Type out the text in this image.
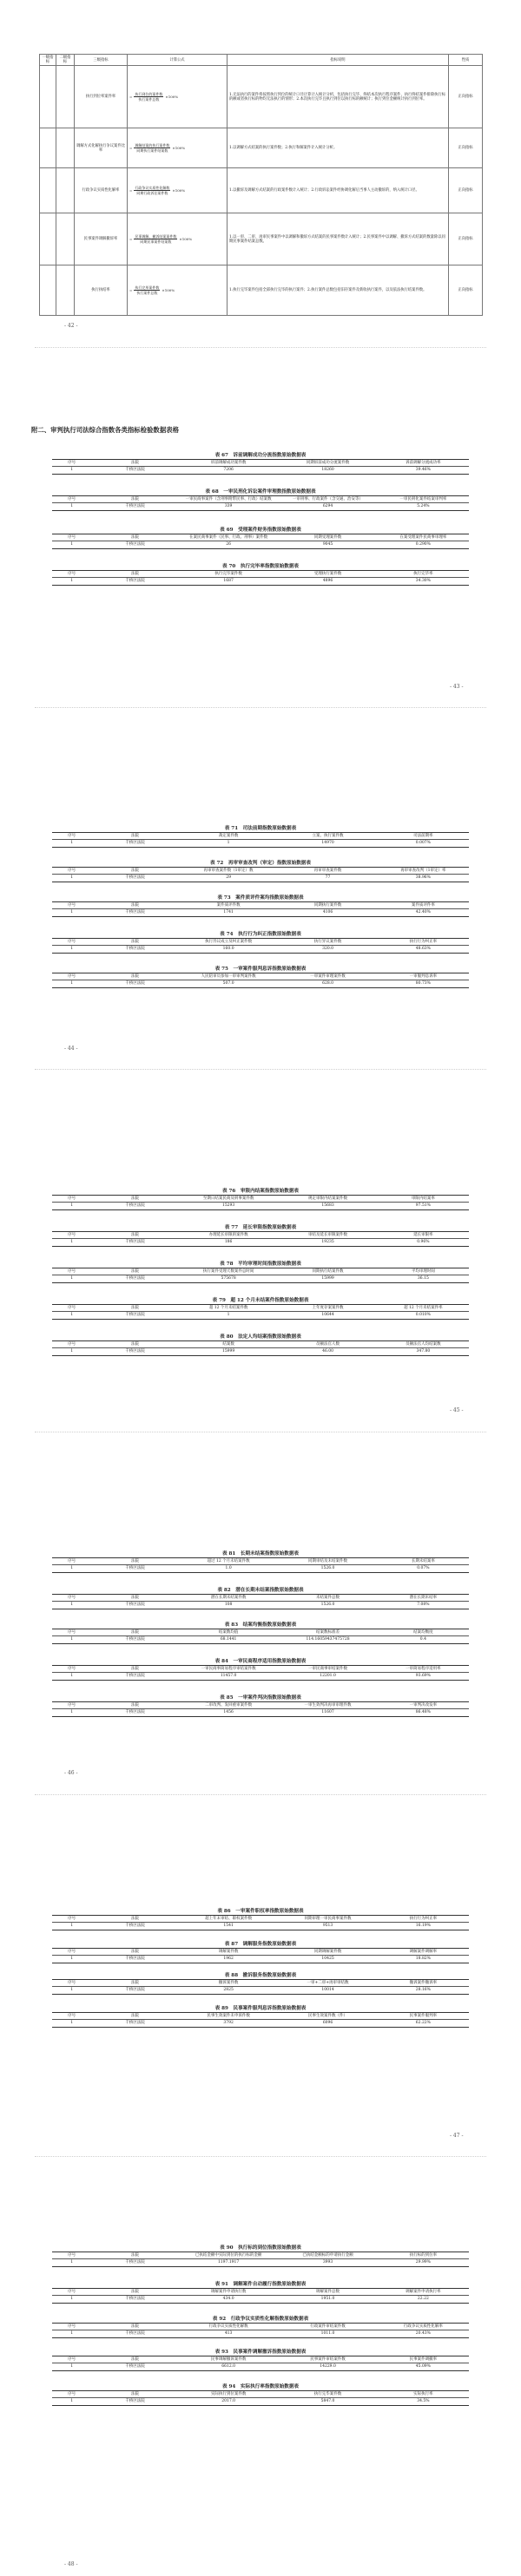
一级指标	二级指标	三级指标	计算公式	指标说明	性质
		执行到位率案件率	= $\frac{\text{执行到位的案件数}}{\text{执行案件总数}} \times 100\%$	1.无法执行的案件将按照执行到位的统计口径计算计入统计分析，包括执行完毕、终结本次执行程序案件，执行终结案件排除执行标的额或者执行标的物均无法执行的情形；2.本次执行完毕且执行到位以执行标的额统计；执行到位金额统计执行到位率。	正向指标
		调解方式化解执行争议案件比率	= $\frac{\text{调解结案的执行案件数}}{\text{同期执行案件结案数}} \times 100\%$	1.以调解方式结案的执行案件数；2.执行和解案件计入统计分析。	正向指标
		行政争议实质性化解率	= $\frac{\text{行政争议实质性化解数}}{\text{同期行政诉讼案件数}} \times 100\%$	1.以撤诉及调解方式结案的行政案件数计入统计；2.行政诉讼案件经协调化解后当事人主动撤诉的，纳入统计口径。	正向指标
		民事案件调解撤诉率	= $\frac{\text{民事调解、撤诉结案案件数}}{\text{同期民事案件结案数}} \times 100\%$	1.以一审、二审、再审民事案件中以调解和撤诉方式结案的民事案件数计入统计；2.民事案件中以调解、撤诉方式结案的数量除以同期民事案件结案总数。	正向指标
		执行执结率	= $\frac{\text{执行完毕案件数}}{\text{执行案件总数}} \times 100\%$	1.执行完毕案件包括全部执行完毕的执行案件；2.执行案件总数包括旧存案件及新收执行案件，以及依法执行结案件数。	正向指标
- 42 -
附二、审判执行司法综合指数各类指标检验数据表格
表 67　诉前调解成功分流指数原始数据表
序号	法院	诉前调解成功案件数	同期诉前成功分流案件数	诉前调解分流成功率
1	千桥区法院	7206	18260	39.46%
表 68　一审民刑化诉讼案件审理数指数原始数据表
序号	法院	一审民商事案件（含刑事附带民事、行政）结案数	一审刑事、行政案件（含交通、治安等）	一审民刑化案件结案审判率
1	千桥区法院	339	6294	5.24%
表 69　受理案件财务指数原始数据表
序号	法院	在案民商事案件（民事、行政、刑事）案件数	同期受理案件数	在案受理案件民商事审理率
1	千桥区法院	26	9045	0.290%
表 70　执行完毕率指数原始数据表
序号	法院	执行完毕案件数	受理执行案件数	执行完毕率
1	千桥区法院	1687	4896	34.30%
表 71　司法前期指数原始数据表
序号	法院	裁定案件数	立案、执行案件数	司法前期率
1	千桥区法院	1	14970	0.007%
表 72　再审审查改判（审定）指数原始数据表
序号	法院	再审审查案件数（1审定）数	再审审查案件数	再审审查改判（1审定）率
1	千桥区法院	29	77	38.96%
表 73　案件质评件案均指数原始数据表
序号	法院	案件质评件数	同期执行案件数	案件质评件率
1	千桥区法院	1741	4106	42.40%
表 74　执行行为纠正指数原始数据表
序号	法院	执行异议成立及纠正案件数	执行异议案件数	执行行为纠正率
1	千桥区法院	160.0	320.0	48.63%
表 75　一审案件服判息诉指数原始数据表
序号	法院	人民陪审员参加一审审判案件数	一审案件审理案件数	一审服判息诉率
1	千桥区法院	507.0	628.0	80.73%
表 76　审限内结案指数原始数据表
序号	法院	至期日结案民商及刑事案件数	规定审限内结案案件数	审限内结案率
1	千桥区法院	15293	15683	97.51%
表 77　延长审限指数原始数据表
序号	法院	办理延长审限的案件数	审结及延长审限案件数	延长审限率
1	千桥区法院	186	19235	0.96%
表 78　平均审理时间指数原始数据表
序号	法院	执行案件受理天数案件总时间	同期执行结案件数	平均审理时间
1	千桥区法院	575678	15999	36.15
表 79　超 12 个月未结案件指数原始数据表
序号	法院	超 12 个月未结案件数	上年度存案案件数	超 12 个月未结案件率
1	千桥区法院	1	10644	0.010%
表 80　法定人均结案指数原始数据表
序号	法院	结案数	员额法官人数	员额法官人均结案数
1	千桥区法院	15999	46.00	347.80
表 81　长期未结案指数原始数据表
序号	法院	超过 12 个月未结案件数	同期审结及未结案件数	长期未结案率
1	千桥区法院	1.0	1526.0	0.07%
表 82　潜在长期未结案指数原始数据表
序号	法院	潜在长期未结案件数	未结案件总数	潜在长期未结率
1	千桥区法院	108	1526.0	7.08%
表 83　结案均衡指数原始数据表
序号	法院	结案数均值	结案数标准差	结案均衡度
1	千桥区法院	68.1441	114.16059437475728	0.4
表 84　一审民商程序适用指数原始数据表
序号	法院	一审民商事简易程序审结案件数	一审民商事审结案件数	一审简易程序适用率
1	千桥区法院	11457.0	12201.0	93.69%
表 85　一审案件判决指数原始数据表
序号	法院	二审改判、发回重审案件数	一审生效判决再审审理件数	一审判决改发率
1	千桥区法院	1456	11607	86.48%
表 86　一审案件职权率指数原始数据表
序号	法院	超上年末审结、职权案件数	同期审理一审民商事案件数	执行行为纠正率
1	千桥区法院	1541	9513	16.19%
表 87　调解服务指数原始数据表
序号	法院	调解案件数	同期调解案件数	调解案件调解率
1	千桥区法院	1962	10425	18.82%
表 88　撤诉服务指数原始数据表
序号	法院	撤诉案件数	一审+二审+再审审结数	撤诉案件撤诉率
1	千桥区法院	2825	10014	28.16%
表 89　民事案件服判息诉指数原始数据表
序号	法院	民事生效案件未申诉件数	民事生效案件数（件）	民事案件服判率
1	千桥区法院	3792	6096	62.22%
表 90　执行标的到位指数原始数据表
序号	法院	已执结金额中实际到位的执行标的金额	已执结金额标的申请执行金额	执行标的到位率
1	千桥区法院	1197.1917	3993	29.99%
表 91　调解案件自动履行指数原始数据表
序号	法院	调解案件申请执行数	调解案件总数	调解案件申请执行率
1	千桥区法院	434.0	1951.0	22.22
表 92　行政争议实质性化解指数原始数据表
序号	法院	行政争议实质性化解数	行政案件审结案件数	行政争议实质性化解率
1	千桥区法院	413	1011.0	20.43%
表 93　民事案件调解撤诉指数原始数据表
序号	法院	民事调解撤诉案件数	民事案件审结案件数	民事案件调撤率
1	千桥区法院	6612.0	14229.0	45.09%
表 94　实际执行率指数原始数据表
序号	法院	实际执行到位案件数	执行完毕案件数	实际执行率
1	千桥区法院	2017.0	5847.0	34.5%
- 43 -
- 44 -
- 45 -
- 46 -
- 47 -
- 48 -
